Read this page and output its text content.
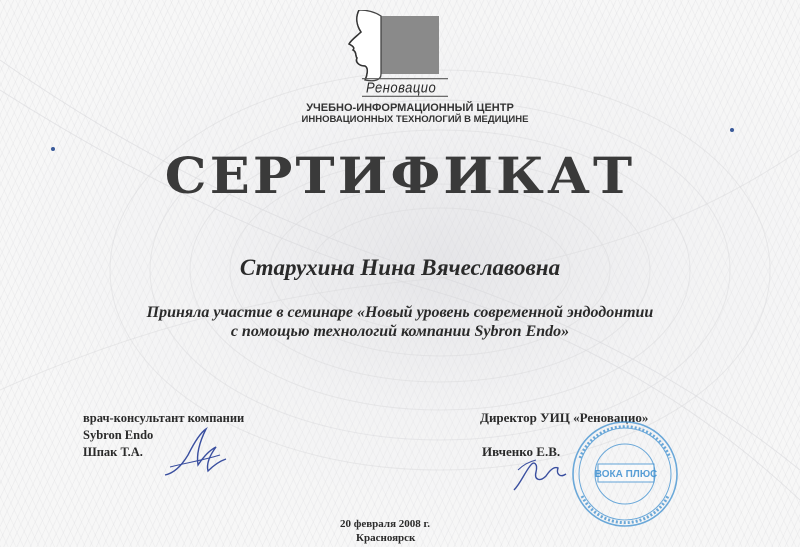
Реновацио
УЧЕБНО-ИНФОРМАЦИОННЫЙ ЦЕНТР
ИННОВАЦИОННЫХ ТЕХНОЛОГИЙ В МЕДИЦИНЕ
СЕРТИФИКАТ
Старухина Нина Вячеславовна
Приняла участие в семинаре «Новый уровень современной эндодонтии
с помощью технологий компании Sybron Endo»
врач-консультант компании
Sybron Endo
Шпак Т.А.
Директор УИЦ «Реновацио»
Ивченко Е.В.
ВОКА ПЛЮС
20 февраля 2008 г.
Красноярск
